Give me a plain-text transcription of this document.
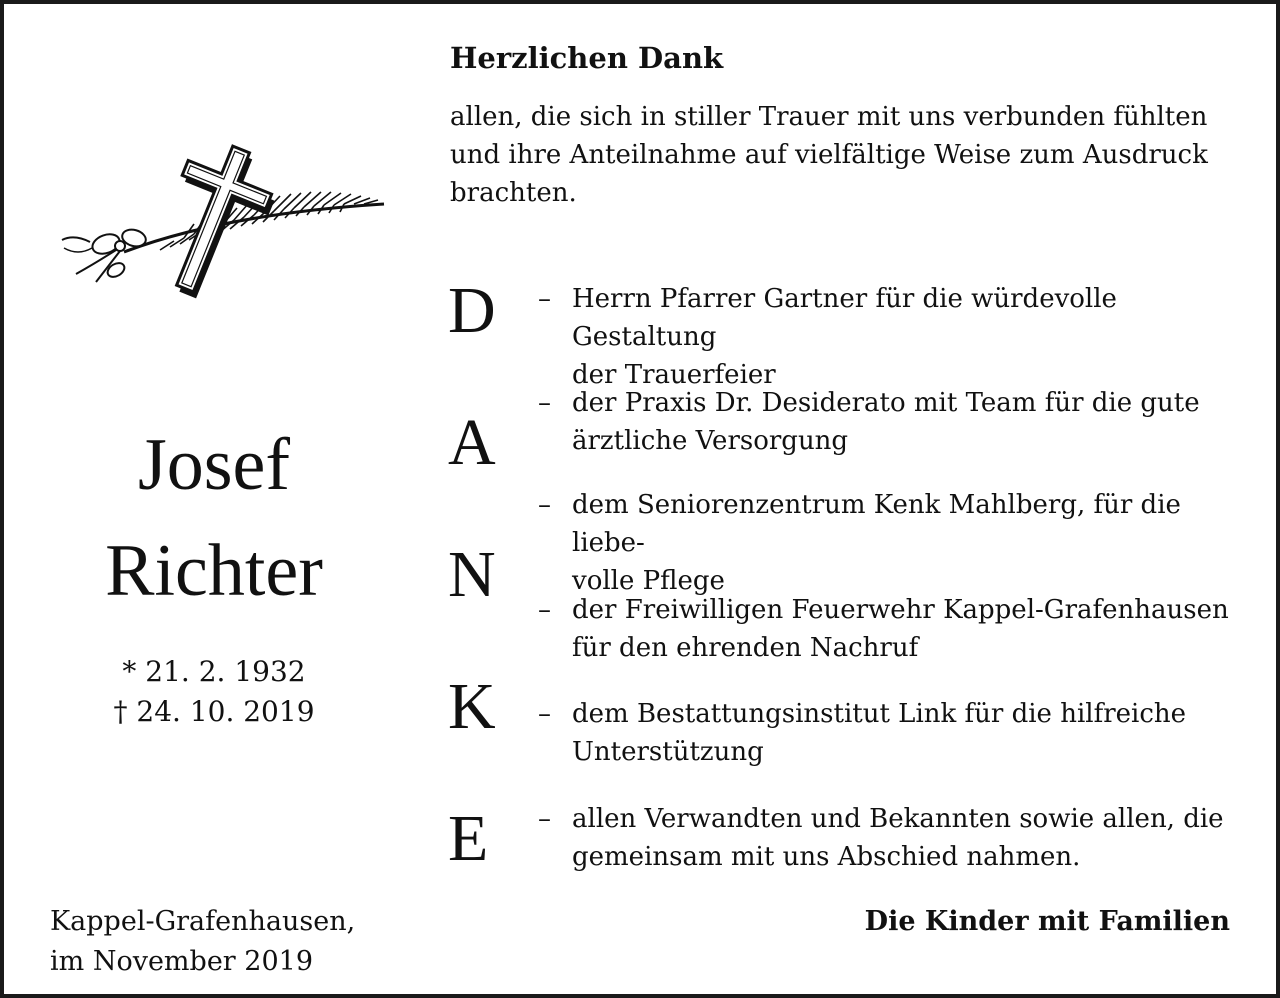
Josef
Richter
* 21. 2. 1932
† 24. 10. 2019
Herzlichen Dank
allen, die sich in stiller Trauer mit uns verbunden fühlten
und ihre Anteilnahme auf vielfältige Weise zum Ausdruck
brachten.
D
A
N
K
E
– Herrn Pfarrer Gartner für die würdevolle Gestaltung
der Trauerfeier
– der Praxis Dr. Desiderato mit Team für die gute
ärztliche Versorgung
– dem Seniorenzentrum Kenk Mahlberg, für die liebe-
volle Pflege
– der Freiwilligen Feuerwehr Kappel-Grafenhausen
für den ehrenden Nachruf
– dem Bestattungsinstitut Link für die hilfreiche
Unterstützung
– allen Verwandten und Bekannten sowie allen, die
gemeinsam mit uns Abschied nahmen.
Kappel-Grafenhausen,
im November 2019
Die Kinder mit Familien
